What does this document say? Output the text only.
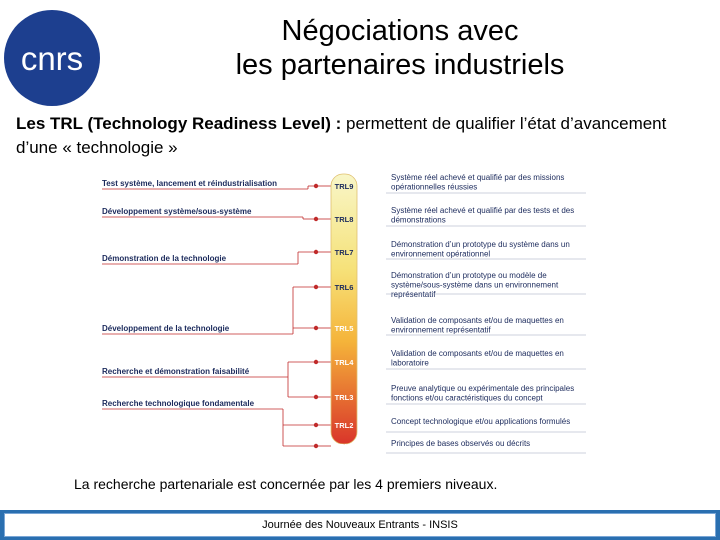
cnrs
Négociations avec
les partenaires industriels
Les TRL (Technology Readiness Level) : permettent de qualifier l’état d’avancement d’une « technologie »
TRL9
Système réel achevé et qualifié par des missions opérationnelles réussies
TRL8
Système réel achevé et qualifié par des tests et des démonstrations
TRL7
Démonstration d’un prototype du système dans un environnement opérationnel
TRL6
Démonstration d’un prototype ou modèle de système/sous-système dans un environnement représentatif
TRL5
Validation de composants et/ou de maquettes en environnement représentatif
TRL4
Validation de composants et/ou de maquettes en laboratoire
TRL3
Preuve analytique ou expérimentale des principales fonctions et/ou caractéristiques du concept
TRL2	Concept technologique et/ou applications formulés
TRL1	Principes de bases observés ou décrits
Test système, lancement et réindustrialisation
Développement système/sous-système
Démonstration de la technologie
Développement de la technologie
Recherche et démonstration faisabilité
Recherche technologique fondamentale
La recherche partenariale est concernée par les 4 premiers niveaux.
Journée des Nouveaux Entrants - INSIS
